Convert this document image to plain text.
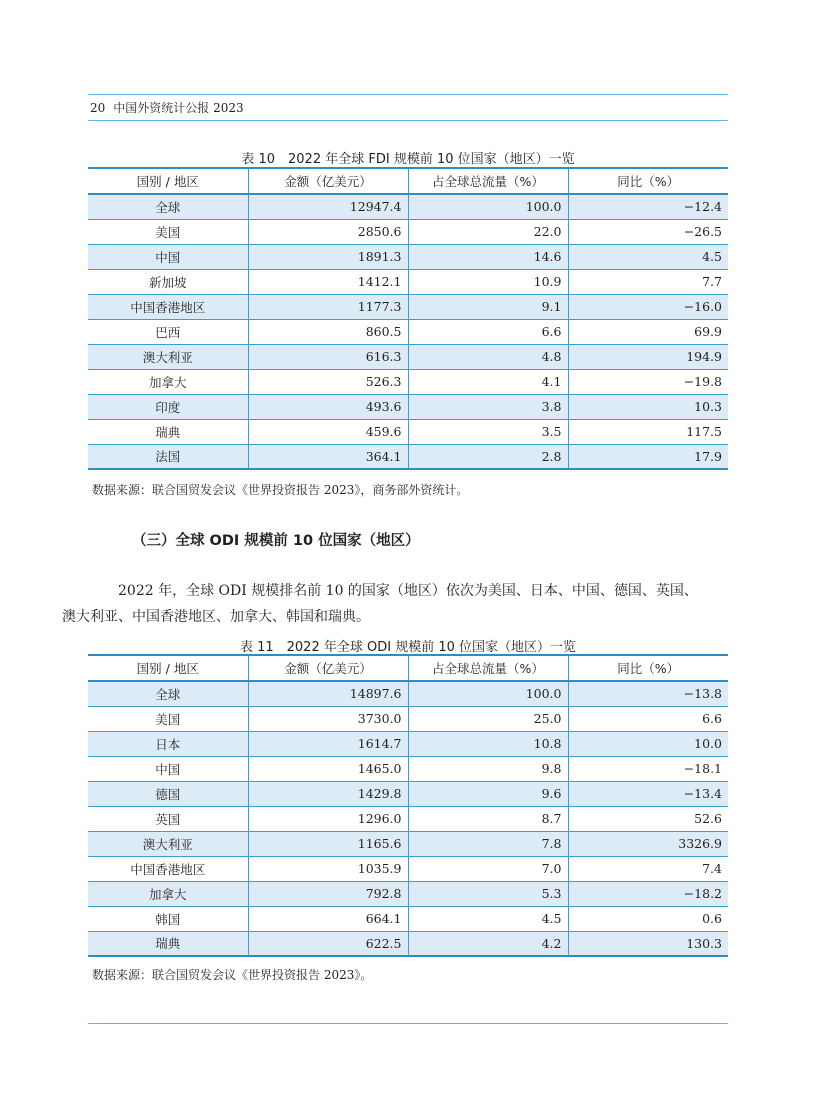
20 中国外资统计公报 2023
表 10　2022 年全球 FDI 规模前 10 位国家（地区）一览
国别 / 地区	金额（亿美元）	占全球总流量（%）	同比（%）
全球	12947.4	100.0	−12.4
美国	2850.6	22.0	−26.5
中国	1891.3	14.6	4.5
新加坡	1412.1	10.9	7.7
中国香港地区	1177.3	9.1	−16.0
巴西	860.5	6.6	69.9
澳大利亚	616.3	4.8	194.9
加拿大	526.3	4.1	−19.8
印度	493.6	3.8	10.3
瑞典	459.6	3.5	117.5
法国	364.1	2.8	17.9
数据来源：联合国贸发会议《世界投资报告 2023》，商务部外资统计。
（三）全球 ODI 规模前 10 位国家（地区）
2022 年，全球 ODI 规模排名前 10 的国家（地区）依次为美国、日本、中国、德国、英国、
澳大利亚、中国香港地区、加拿大、韩国和瑞典。
表 11　2022 年全球 ODI 规模前 10 位国家（地区）一览
国别 / 地区	金额（亿美元）	占全球总流量（%）	同比（%）
全球	14897.6	100.0	−13.8
美国	3730.0	25.0	6.6
日本	1614.7	10.8	10.0
中国	1465.0	9.8	−18.1
德国	1429.8	9.6	−13.4
英国	1296.0	8.7	52.6
澳大利亚	1165.6	7.8	3326.9
中国香港地区	1035.9	7.0	7.4
加拿大	792.8	5.3	−18.2
韩国	664.1	4.5	0.6
瑞典	622.5	4.2	130.3
数据来源：联合国贸发会议《世界投资报告 2023》。
